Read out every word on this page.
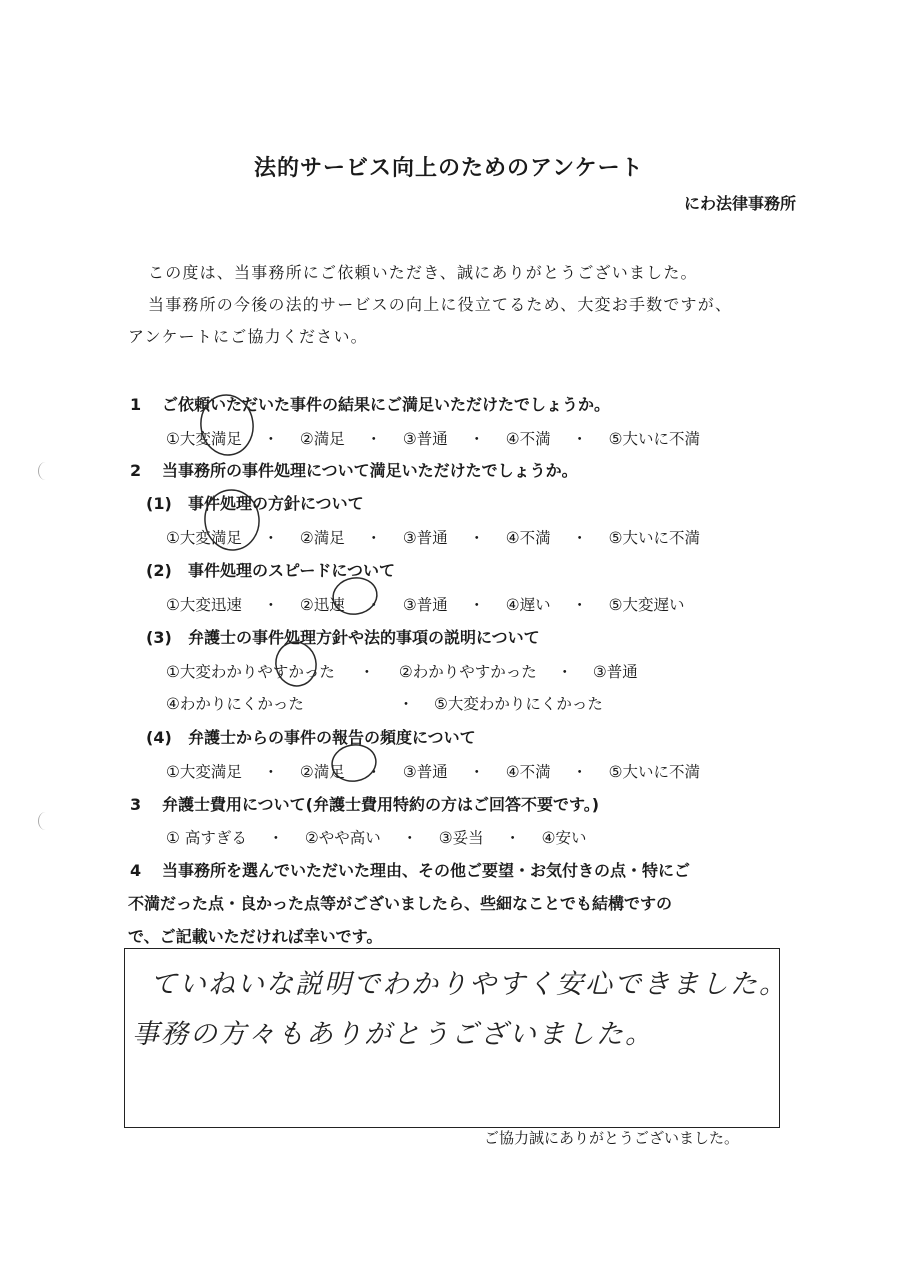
法的サービス向上のためのアンケート
にわ法律事務所
この度は、当事務所にご依頼いただき、誠にありがとうございました。
当事務所の今後の法的サービスの向上に役立てるため、大変お手数ですが、
アンケートにご協力ください。
1 ご依頼いただいた事件の結果にご満足いただけたでしょうか。
①大変満足 ・ ②満足 ・ ③普通 ・ ④不満 ・ ⑤大いに不満
2 当事務所の事件処理について満足いただけたでしょうか。
(1) 事件処理の方針について
①大変満足 ・ ②満足 ・ ③普通 ・ ④不満 ・ ⑤大いに不満
(2) 事件処理のスピードについて
①大変迅速 ・ ②迅速 ・ ③普通 ・ ④遅い ・ ⑤大変遅い
(3) 弁護士の事件処理方針や法的事項の説明について
①大変わかりやすかった ・ ②わかりやすかった ・ ③普通
④わかりにくかった	・ ⑤大変わかりにくかった
(4) 弁護士からの事件の報告の頻度について
①大変満足 ・ ②満足 ・ ③普通 ・ ④不満 ・ ⑤大いに不満
3 弁護士費用について(弁護士費用特約の方はご回答不要です。)
① 高すぎる ・ ②やや高い ・ ③妥当 ・ ④安い
4 当事務所を選んでいただいた理由、その他ご要望・お気付きの点・特にご
不満だった点・良かった点等がございましたら、些細なことでも結構ですの
で、ご記載いただければ幸いです。
ていねいな説明でわかりやすく安心できました。
事務の方々もありがとうございました。
ご協力誠にありがとうございました。
